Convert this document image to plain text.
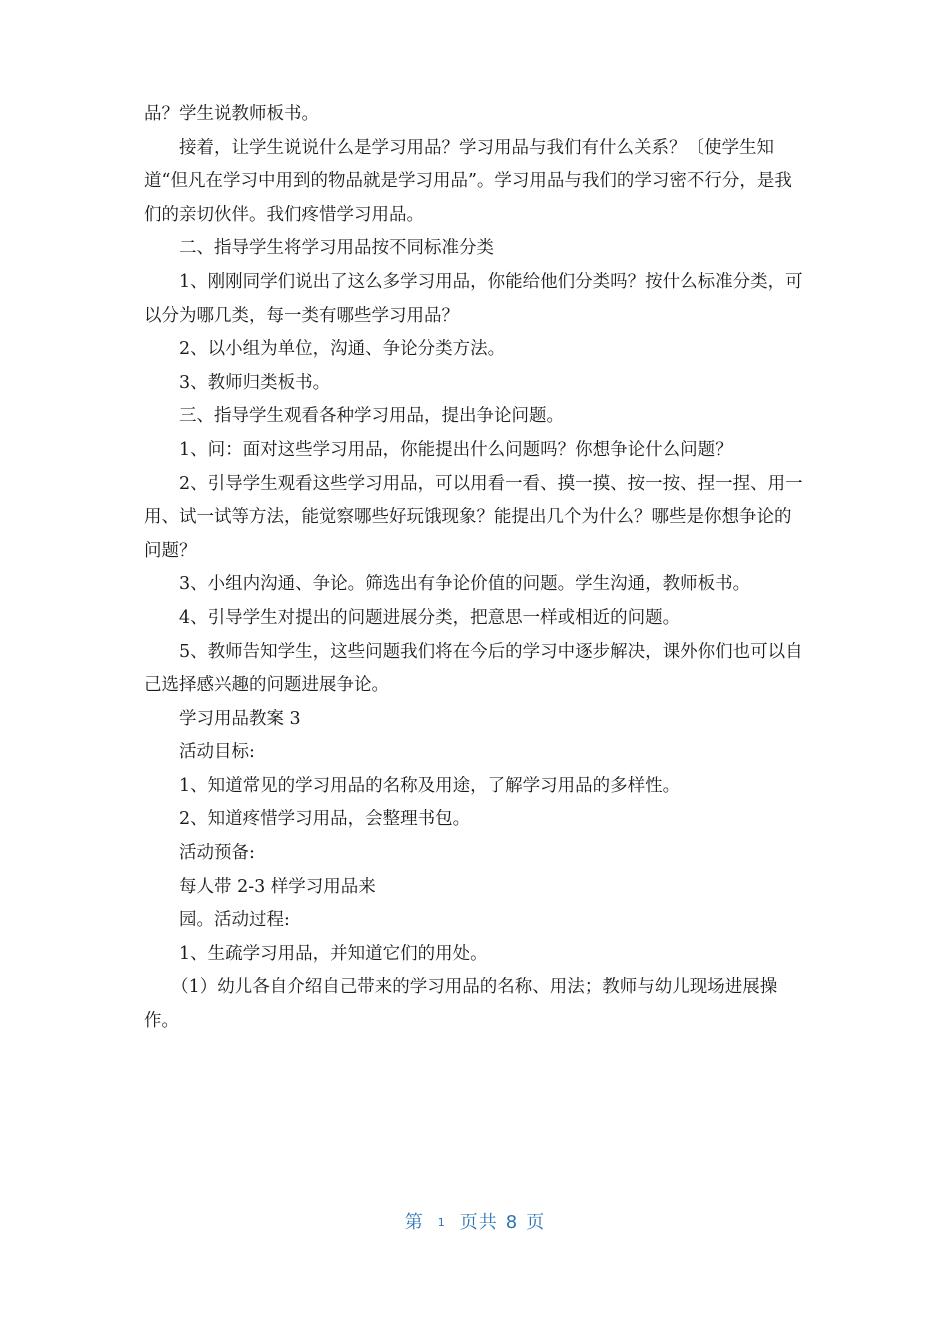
品？学生说教师板书。

接着，让学生说说什么是学习用品？学习用品与我们有什么关系？〔使学生知道“但凡在学习中用到的物品就是学习用品”。学习用品与我们的学习密不行分，是我们的亲切伙伴。我们疼惜学习用品。

二、指导学生将学习用品按不同标准分类

1、刚刚同学们说出了这么多学习用品，你能给他们分类吗？按什么标准分类，可以分为哪几类，每一类有哪些学习用品？

2、以小组为单位，沟通、争论分类方法。

3、教师归类板书。

三、指导学生观看各种学习用品，提出争论问题。

1、问：面对这些学习用品，你能提出什么问题吗？你想争论什么问题？

2、引导学生观看这些学习用品，可以用看一看、摸一摸、按一按、捏一捏、用一用、试一试等方法，能觉察哪些好玩饿现象？能提出几个为什么？哪些是你想争论的问题？

3、小组内沟通、争论。筛选出有争论价值的问题。学生沟通，教师板书。

4、引导学生对提出的问题进展分类，把意思一样或相近的问题。

5、教师告知学生，这些问题我们将在今后的学习中逐步解决，课外你们也可以自己选择感兴趣的问题进展争论。

学习用品教案 3

活动目标:

1、知道常见的学习用品的名称及用途，了解学习用品的多样性。

2、知道疼惜学习用品，会整理书包。

活动预备:

每人带 2-3 样学习用品来

园。活动过程:

1、生疏学习用品，并知道它们的用处。

（1）幼儿各自介绍自己带来的学习用品的名称、用法；教师与幼儿现场进展操作。

第 1 页共 8 页
